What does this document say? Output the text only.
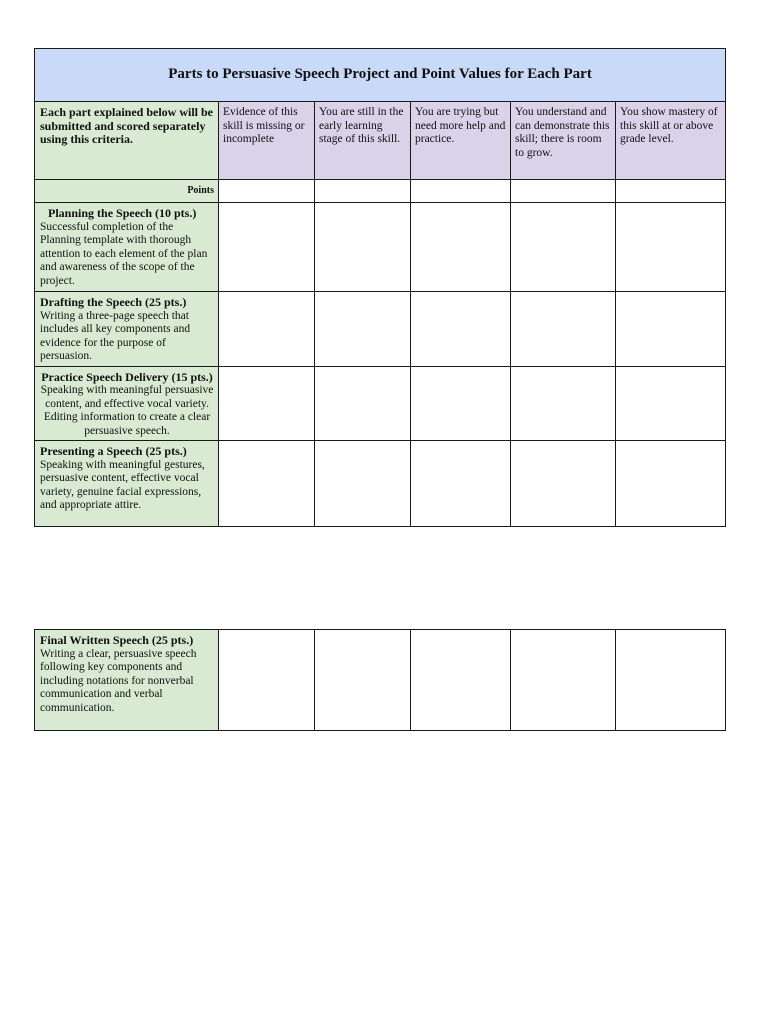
Parts to Persuasive Speech Project and Point Values for Each Part					
Each part explained below will be submitted and scored separately using this criteria.	Evidence of this skill is missing or incomplete	You are still in the early learning stage of this skill.	You are trying but need more help and practice.	You understand and can demonstrate this skill; there is room to grow.	You show mastery of this skill at or above grade level.
Points					

Planning the Speech (10 pts.)
Successful completion of the Planning template with thorough attention to each element of the plan and awareness of the scope of the project.					

Drafting the Speech (25 pts.)
Writing a three-page speech that includes all key components and evidence for the purpose of persuasion.					

Practice Speech Delivery (15 pts.)
Speaking with meaningful persuasive content, and effective vocal variety. Editing information to create a clear persuasive speech.					

Presenting a Speech (25 pts.)
Speaking with meaningful gestures, persuasive content, effective vocal variety, genuine facial expressions, and appropriate attire.					

Final Written Speech (25 pts.)
Writing a clear, persuasive speech following key components and including notations for nonverbal communication and verbal communication.
